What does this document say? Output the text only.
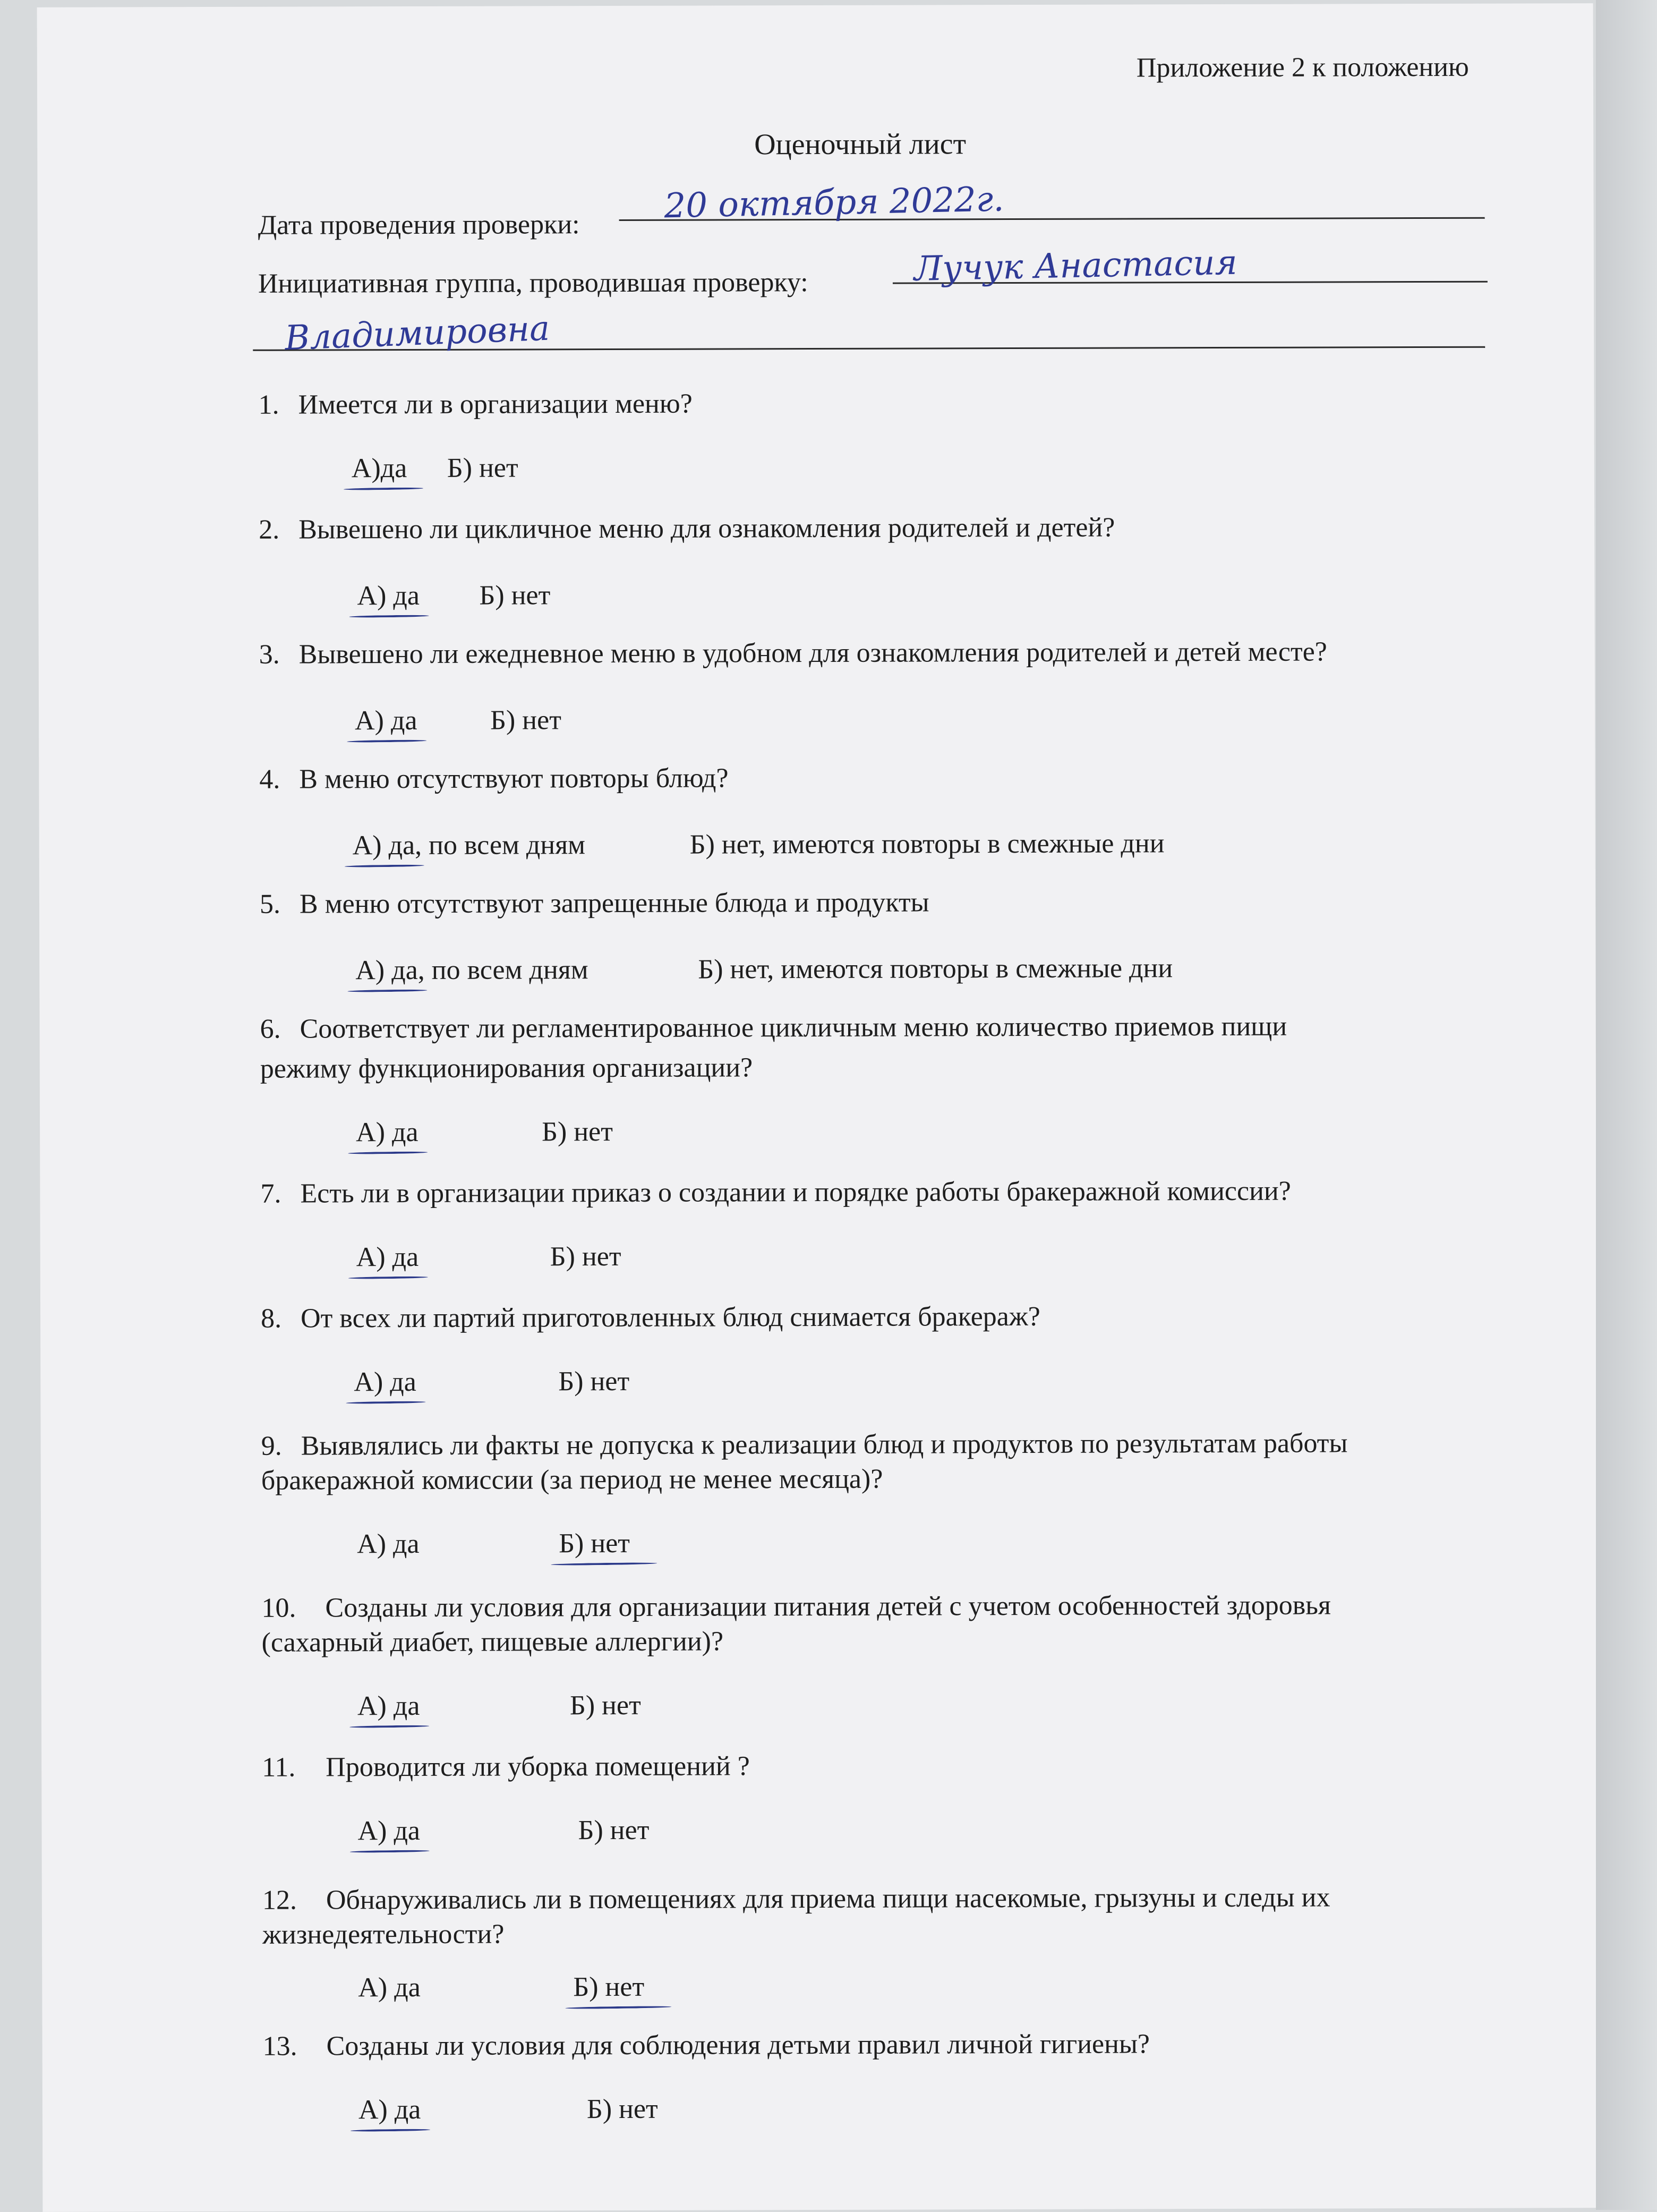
Приложение 2 к положению
Оценочный лист
Дата проведения проверки: 20 октября 2022г.
Инициативная группа, проводившая проверку:	Лучук Анастасия
Владимировна
1. Имеется ли в организации меню?
А)да Б) нет
2. Вывешено ли цикличное меню для ознакомления родителей и детей?
А) да Б) нет
3. Вывешено ли ежедневное меню в удобном для ознакомления родителей и детей месте?
А) да	Б) нет
4. В меню отсутствуют повторы блюд?
А) да, по всем дням	Б) нет, имеются повторы в смежные дни
5. В меню отсутствуют запрещенные блюда и продукты
А) да, по всем дням	Б) нет, имеются повторы в смежные дни
6. Соответствует ли регламентированное цикличным меню количество приемов пищи
режиму функционирования организации?
А) да	Б) нет
7. Есть ли в организации приказ о создании и порядке работы бракеражной комиссии?
А) да	Б) нет
8. От всех ли партий приготовленных блюд снимается бракераж?
А) да	Б) нет
9. Выявлялись ли факты не допуска к реализации блюд и продуктов по результатам работы
бракеражной комиссии (за период не менее месяца)?
А) да	Б) нет
10. Созданы ли условия для организации питания детей с учетом особенностей здоровья
(сахарный диабет, пищевые аллергии)?
А) да	Б) нет
11. Проводится ли уборка помещений ?
А) да	Б) нет
12. Обнаруживались ли в помещениях для приема пищи насекомые, грызуны и следы их
жизнедеятельности?
А) да	Б) нет
13. Созданы ли условия для соблюдения детьми правил личной гигиены?
А) да	Б) нет
